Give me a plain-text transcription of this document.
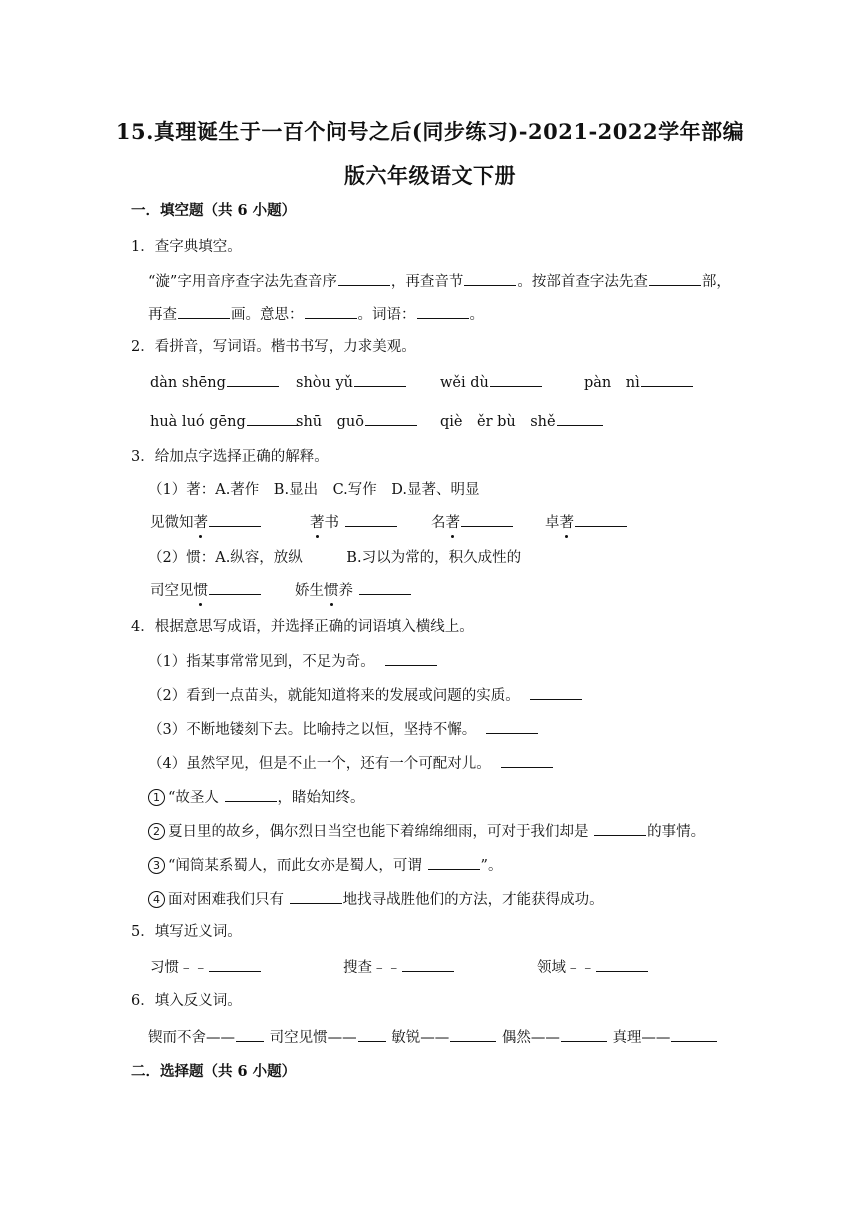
15.真理诞生于一百个问号之后(同步练习)-2021-2022学年部编
版六年级语文下册
一．填空题（共 6 小题）
1．查字典填空。
“漩”字用音序查字法先查音序	，再查音节	。按部首查字法先查	部，
再查	画。意思：	。词语：	。
2．看拼音，写词语。楷书书写，力求美观。
dàn shēng	shòu yǔ	wěi dù	pàn　nì
huà luó gēng	shū　guō	qiè　ěr bù　shě
3．给加点字选择正确的解释。
（1）著：A.著作　B.显出　C.写作　D.显著、明显
见微知著	著书	名著	卓著
（2）惯：A.纵容，放纵　　　B.习以为常的，积久成性的
司空见惯	娇生惯养
4．根据意思写成语，并选择正确的词语填入横线上。
（1）指某事常常见到，不足为奇。
（2）看到一点苗头，就能知道将来的发展或问题的实质。
（3）不断地镂刻下去。比喻持之以恒，坚持不懈。
（4）虽然罕见，但是不止一个，还有一个可配对儿。
1 “故圣人	，睹始知终。
2 夏日里的故乡，偶尔烈日当空也能下着绵绵细雨，可对于我们却是	的事情。
3 “闻筒某系蜀人，而此女亦是蜀人，可谓	”。
4 面对困难我们只有	地找寻战胜他们的方法，才能获得成功。
5．填写近义词。
习惯﹣﹣	搜查﹣﹣	领域﹣﹣
6．填入反义词。
锲而不舍—— 司空见惯—— 敏锐——	偶然——	真理——
二．选择题（共 6 小题）
